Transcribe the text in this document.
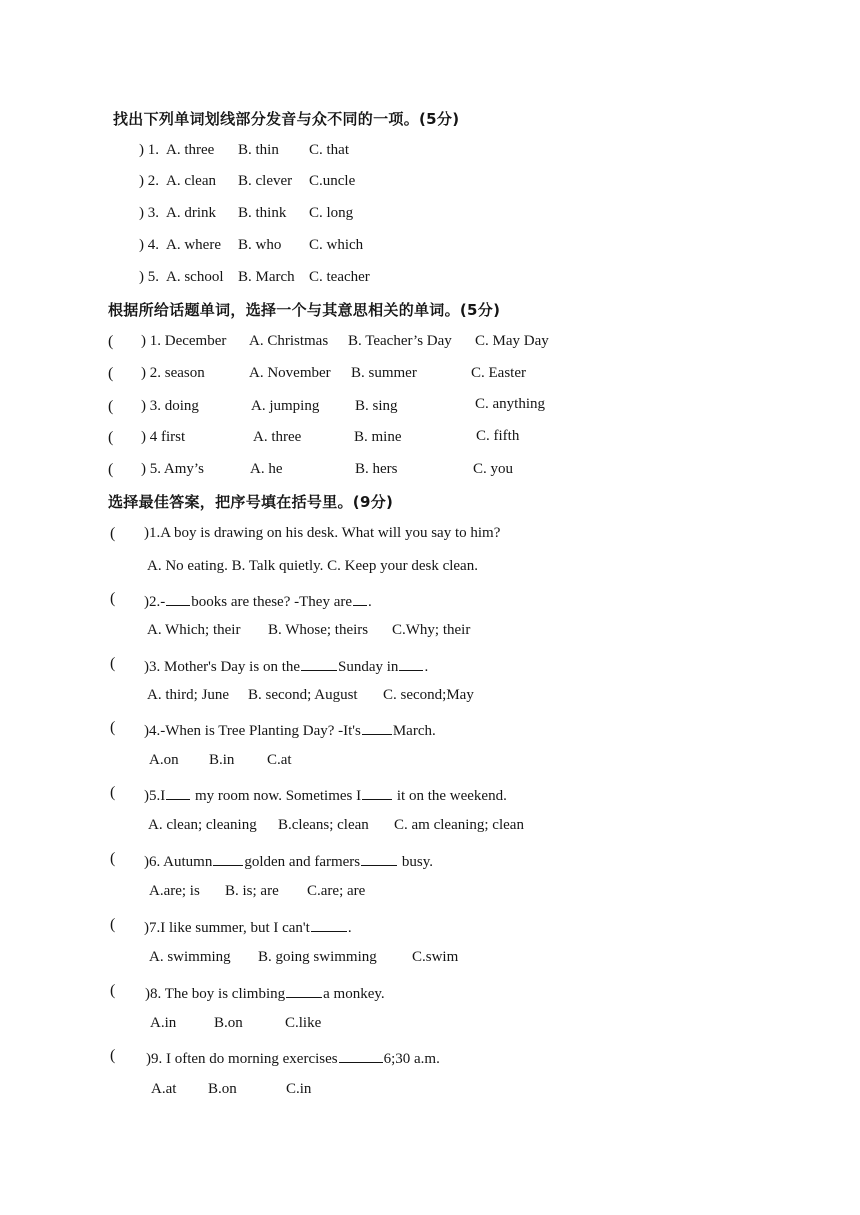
找出下列单词划线部分发音与众不同的一项。(5分)
) 1. A. three B. thin C. that
) 2. A. clean B. clever C.uncle
) 3. A. drink B. think C. long
) 4. A. where B. who C. which
) 5. A. school B. March C. teacher
根据所给话题单词，选择一个与其意思相关的单词。(5分)
( ) 1. December A. Christmas B. Teacher’s Day C. May Day
( ) 2. season	A. November B. summer	C. Easter
( ) 3. doing	A. jumping B. sing	C. anything
( ) 4 first	A. three	B. mine	C. fifth
( ) 5. Amy’s	A. he	B. hers	C. you
选择最佳答案，把序号填在括号里。(9分)
( )1.A boy is drawing on his desk. What will you say to him?
A. No eating. B. Talk quietly. C. Keep your desk clean.
( )2.- books are these? -They are .
A. Which; their B. Whose; theirs C.Why; their
( )3. Mother's Day is on the	Sunday in .
A. third; June B. second; August C. second;May
( )4.-When is Tree Planting Day? -It's March.
A.on B.in C.at
( )5.I my room now. Sometimes I it on the weekend.
A. clean; cleaning B.cleans; clean C. am cleaning; clean
( )6. Autumn golden and farmers	busy.
A.are; is B. is; are C.are; are
( )7.I like summer, but I can't	.
A. swimming B. going swimming C.swim
( )8. The boy is climbing	a monkey.
A.in	B.on	C.like
( )9. I often do morning exercises	6;30 a.m.
A.at B.on	C.in
